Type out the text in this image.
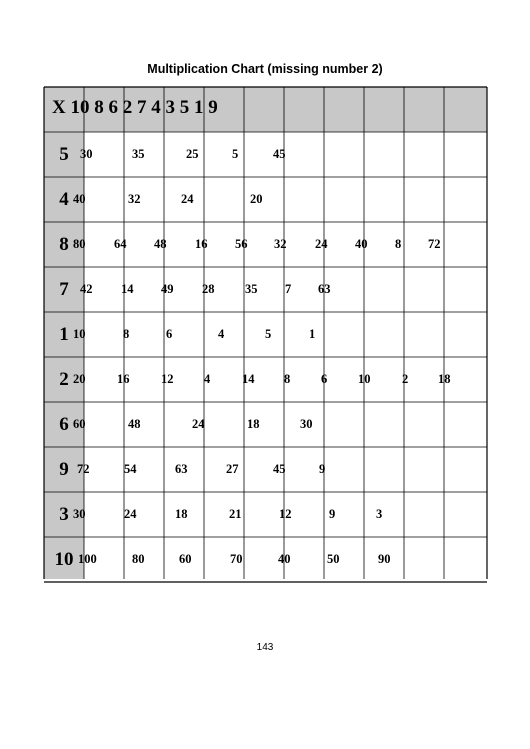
Multiplication Chart (missing number 2)
X 10 8 6 2 7 4 3 5 1 9
5 30	35	25	5	45
4 40	32	24	20
8 80 64 48 16 56 32 24 40 8 72
7 42 14 49 28 35 7 63
1 10	8	6	4	5	1
2 20	16	12 4	14 8 6 10	2 18
6 60	48	24	18	30
9 72	54	63	27	45	9
3 30	24	18	21	12	9	3
10 100	80	60	70	40	50	90
143
